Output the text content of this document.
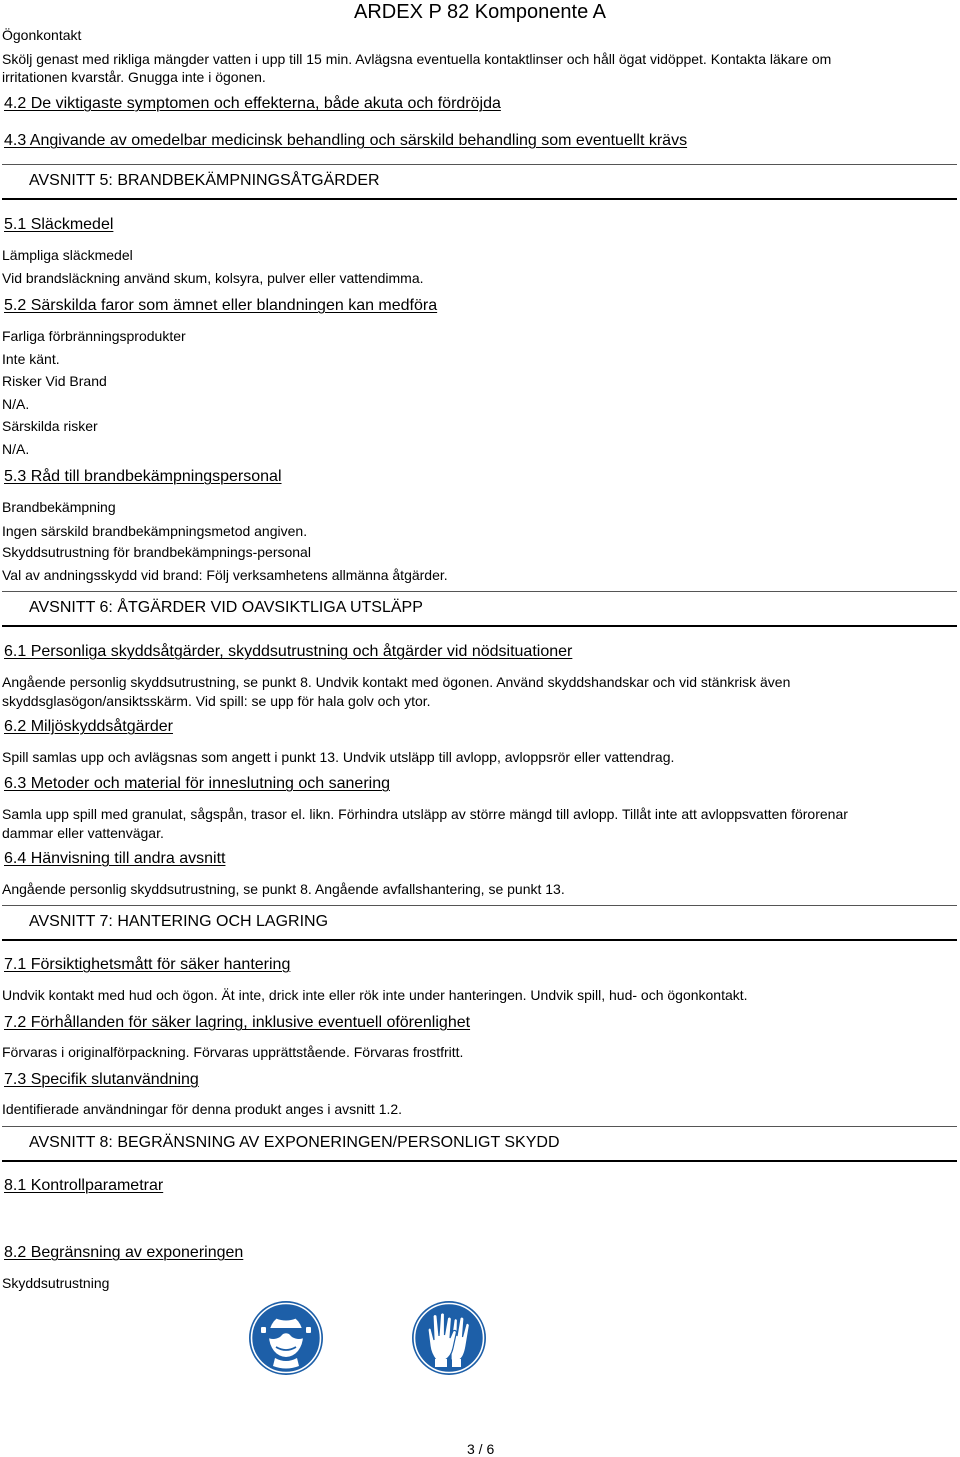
ARDEX P 82 Komponente A
Ögonkontakt
Skölj genast med rikliga mängder vatten i upp till 15 min. Avlägsna eventuella kontaktlinser och håll ögat vidöppet. Kontakta läkare om
irritationen kvarstår. Gnugga inte i ögonen.
4.2 De viktigaste symptomen och effekterna, både akuta och fördröjda
4.3 Angivande av omedelbar medicinsk behandling och särskild behandling som eventuellt krävs
AVSNITT 5: BRANDBEKÄMPNINGSÅTGÄRDER
5.1 Släckmedel
Lämpliga släckmedel
Vid brandsläckning använd skum, kolsyra, pulver eller vattendimma.
5.2 Särskilda faror som ämnet eller blandningen kan medföra
Farliga förbränningsprodukter
Inte känt.
Risker Vid Brand
N/A.
Särskilda risker
N/A.
5.3 Råd till brandbekämpningspersonal
Brandbekämpning
Ingen särskild brandbekämpningsmetod angiven.
Skyddsutrustning för brandbekämpnings-personal
Val av andningsskydd vid brand: Följ verksamhetens allmänna åtgärder.
AVSNITT 6: ÅTGÄRDER VID OAVSIKTLIGA UTSLÄPP
6.1 Personliga skyddsåtgärder, skyddsutrustning och åtgärder vid nödsituationer
Angående personlig skyddsutrustning, se punkt 8. Undvik kontakt med ögonen. Använd skyddshandskar och vid stänkrisk även
skyddsglasögon/ansiktsskärm. Vid spill: se upp för hala golv och ytor.
6.2 Miljöskyddsåtgärder
Spill samlas upp och avlägsnas som angett i punkt 13. Undvik utsläpp till avlopp, avloppsrör eller vattendrag.
6.3 Metoder och material för inneslutning och sanering
Samla upp spill med granulat, sågspån, trasor el. likn. Förhindra utsläpp av större mängd till avlopp. Tillåt inte att avloppsvatten förorenar
dammar eller vattenvägar.
6.4 Hänvisning till andra avsnitt
Angående personlig skyddsutrustning, se punkt 8. Angående avfallshantering, se punkt 13.
AVSNITT 7: HANTERING OCH LAGRING
7.1 Försiktighetsmått för säker hantering
Undvik kontakt med hud och ögon. Ät inte, drick inte eller rök inte under hanteringen. Undvik spill, hud- och ögonkontakt.
7.2 Förhållanden för säker lagring, inklusive eventuell oförenlighet
Förvaras i originalförpackning. Förvaras upprättstående. Förvaras frostfritt.
7.3 Specifik slutanvändning
Identifierade användningar för denna produkt anges i avsnitt 1.2.
AVSNITT 8: BEGRÄNSNING AV EXPONERINGEN/PERSONLIGT SKYDD
8.1 Kontrollparametrar
8.2 Begränsning av exponeringen
Skyddsutrustning
3 / 6
